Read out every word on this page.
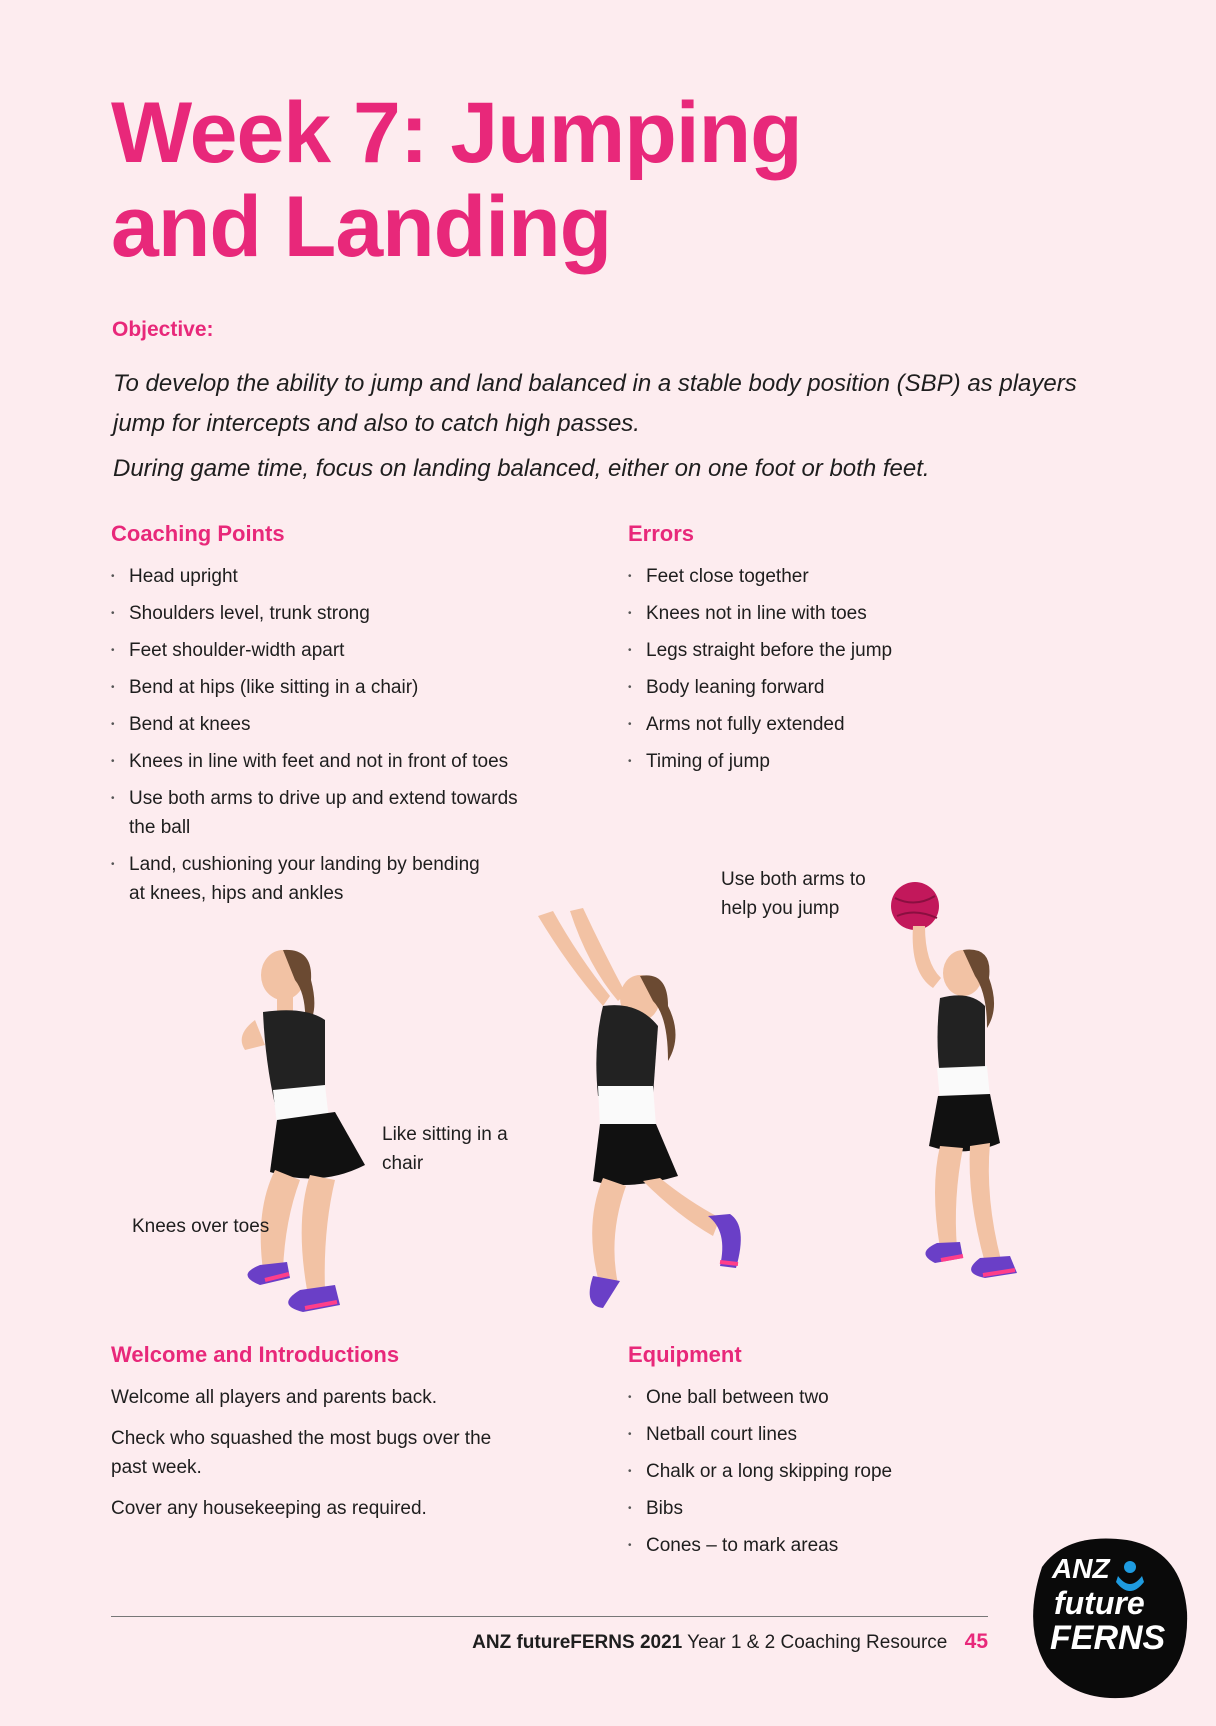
Week 7: Jumping
and Landing
Objective:

To develop the ability to jump and land balanced in a stable body position (SBP) as players jump for intercepts and also to catch high passes.

During game time, focus on landing balanced, either on one foot or both feet.

Coaching Points
• Head upright
• Shoulders level, trunk strong
• Feet shoulder-width apart
• Bend at hips (like sitting in a chair)
• Bend at knees
• Knees in line with feet and not in front of toes
• Use both arms to drive up and extend towards the ball
• Land, cushioning your landing by bending at knees, hips and ankles
Errors
• Feet close together
• Knees not in line with toes
• Legs straight before the jump
• Body leaning forward
• Arms not fully extended
• Timing of jump
Like sitting in a chair
Knees over toes
Use both arms to help you jump
Welcome and Introductions

Welcome all players and parents back.

Check who squashed the most bugs over the past week.

Cover any housekeeping as required.

Equipment
• One ball between two
• Netball court lines
• Chalk or a long skipping rope
• Bibs
• Cones – to mark areas
ANZ futureFERNS 2021 Year 1 & 2 Coaching Resource 45
ANZ
future
FERNS
